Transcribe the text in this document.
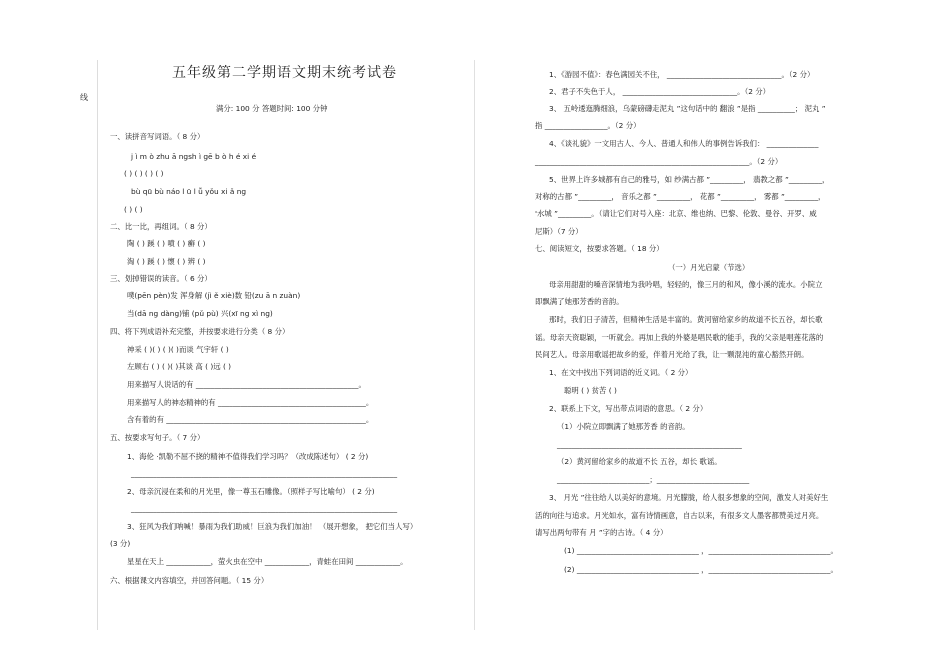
线
五年级第二学期语文期末统考试卷
满分: 100 分 答题时间: 100 分钟
一、读拼音写词语。（ 8 分）
j ì m ò zhu ā ngsh ì gē b ò h é xi é
( ) ( ) ( ) ( )
bù qū bù náo l ū l ǚ yǒu xi ǎ ng
( ) ( )
二、比一比，再组词。（ 8 分）
陶 ( ) 蹊 ( ) 噴 ( ) 癬 ( )
淘 ( ) 蹊 ( ) 懷 ( ) 辨 ( )
三、划掉错误的读音。（ 6 分）
噗(pēn pèn)发 浑身解 (jì ě xiè)数 铅(zu ā n zuàn)
当(dā ng dàng)铺 (pǔ pù) 兴(xī ng xì ng)
四、将下列成语补充完整，并按要求进行分类（ 8 分）
神采 ( )( ) ( )( )而谈 气宇轩 ( )
左顾右 ( ) ( )( )其谈 高 ( )远 ( )
用来描写人说话的有 ____________________________________________。
用来描写人的神态精神的有 ________________________________________。
含有着的有 ______________________________________________________。
五、按要求写句子。（ 7 分）
1、海伦 ·凯勒不屈不挠的精神不值得我们学习吗？（改成陈述句） ( 2 分)
________________________________________________________________________
2、母亲沉浸在柔和的月光里，像一尊玉石雕像。（照样子写比喻句） ( 2 分)
________________________________________________________________________
3、狂风为我们呐喊！暴雨为我们助威！巨浪为我们加油！ （展开想象， 把它们当人写）
(3 分)
星星在天上 ____________，萤火虫在空中 ____________，青蛙在田间 ____________。
六、根据课文内容填空，并回答问题。（ 15 分）
1、《游园不值》：春色满园关不住， _______________________________。（2 分）
2、君子不失色于人， _______________________________。（2 分）
3、 五岭逶迤腾细浪，乌蒙磅礴走泥丸 ”这句话中的 翻浪 ”是指 __________； 泥丸 ”
指 _________________。（2 分）
4、《谈礼貌》一文用古人、今人、普通人和伟人的事例告诉我们： ______________
__________________________________________________________。（2 分）
5、世界上许多城都有自己的雅号，如 纱满古都 ”_________， 翡教之都 ”_________，
对称的古都 ”_________， 音乐之都 ”_________， 花都 ”_________， 雾都 ”_________，
'水城 ”_________。（请让它们对号入座：北京、维也纳、巴黎、伦敦、曼谷、开罗、威
尼斯）（7 分）
七、阅读短文，按要求答题。（ 18 分）
（一）月光启蒙（节选）
母亲用甜甜的嗓音深情地为我吟唱，轻轻的，像三月的和风，像小溪的流水。小院立
即飘满了她那芳香的音韵。
那时，我们日子清苦，但精神生活是丰富的。黄河留给家乡的故道不长五谷，却长歌
谣。母亲天资聪颖，一听就会。再加上我的外婆是唱民歌的能手，我的父亲是唱莲花落的
民间艺人。母亲用歌谣把故乡的爱，伴着月光给了我，让一颗混沌的童心豁然开朗。
1、在文中找出下列词语的近义词。（ 2 分）
聪明 ( ) 贫苦 ( )
2、联系上下文，写出带点词语的意思。（ 2 分）
（1）小院立即飘满了她那芳香 的音韵。
__________________________________________________
（2）黄河留给家乡的故道不长 五谷，却长 歌谣。
_________________________；_________________________
3、 月光 ”往往给人以美好的意境。月光朦胧，给人很多想象的空间，激发人对美好生
活的向往与追求。月光如水，富有诗情画意，自古以来，有很多文人墨客都赞美过月亮。
请写出两句带有 月 ”字的古诗。（ 4 分）
(1) _________________________________ ，_________________________________。
(2) _________________________________ ，_________________________________。
